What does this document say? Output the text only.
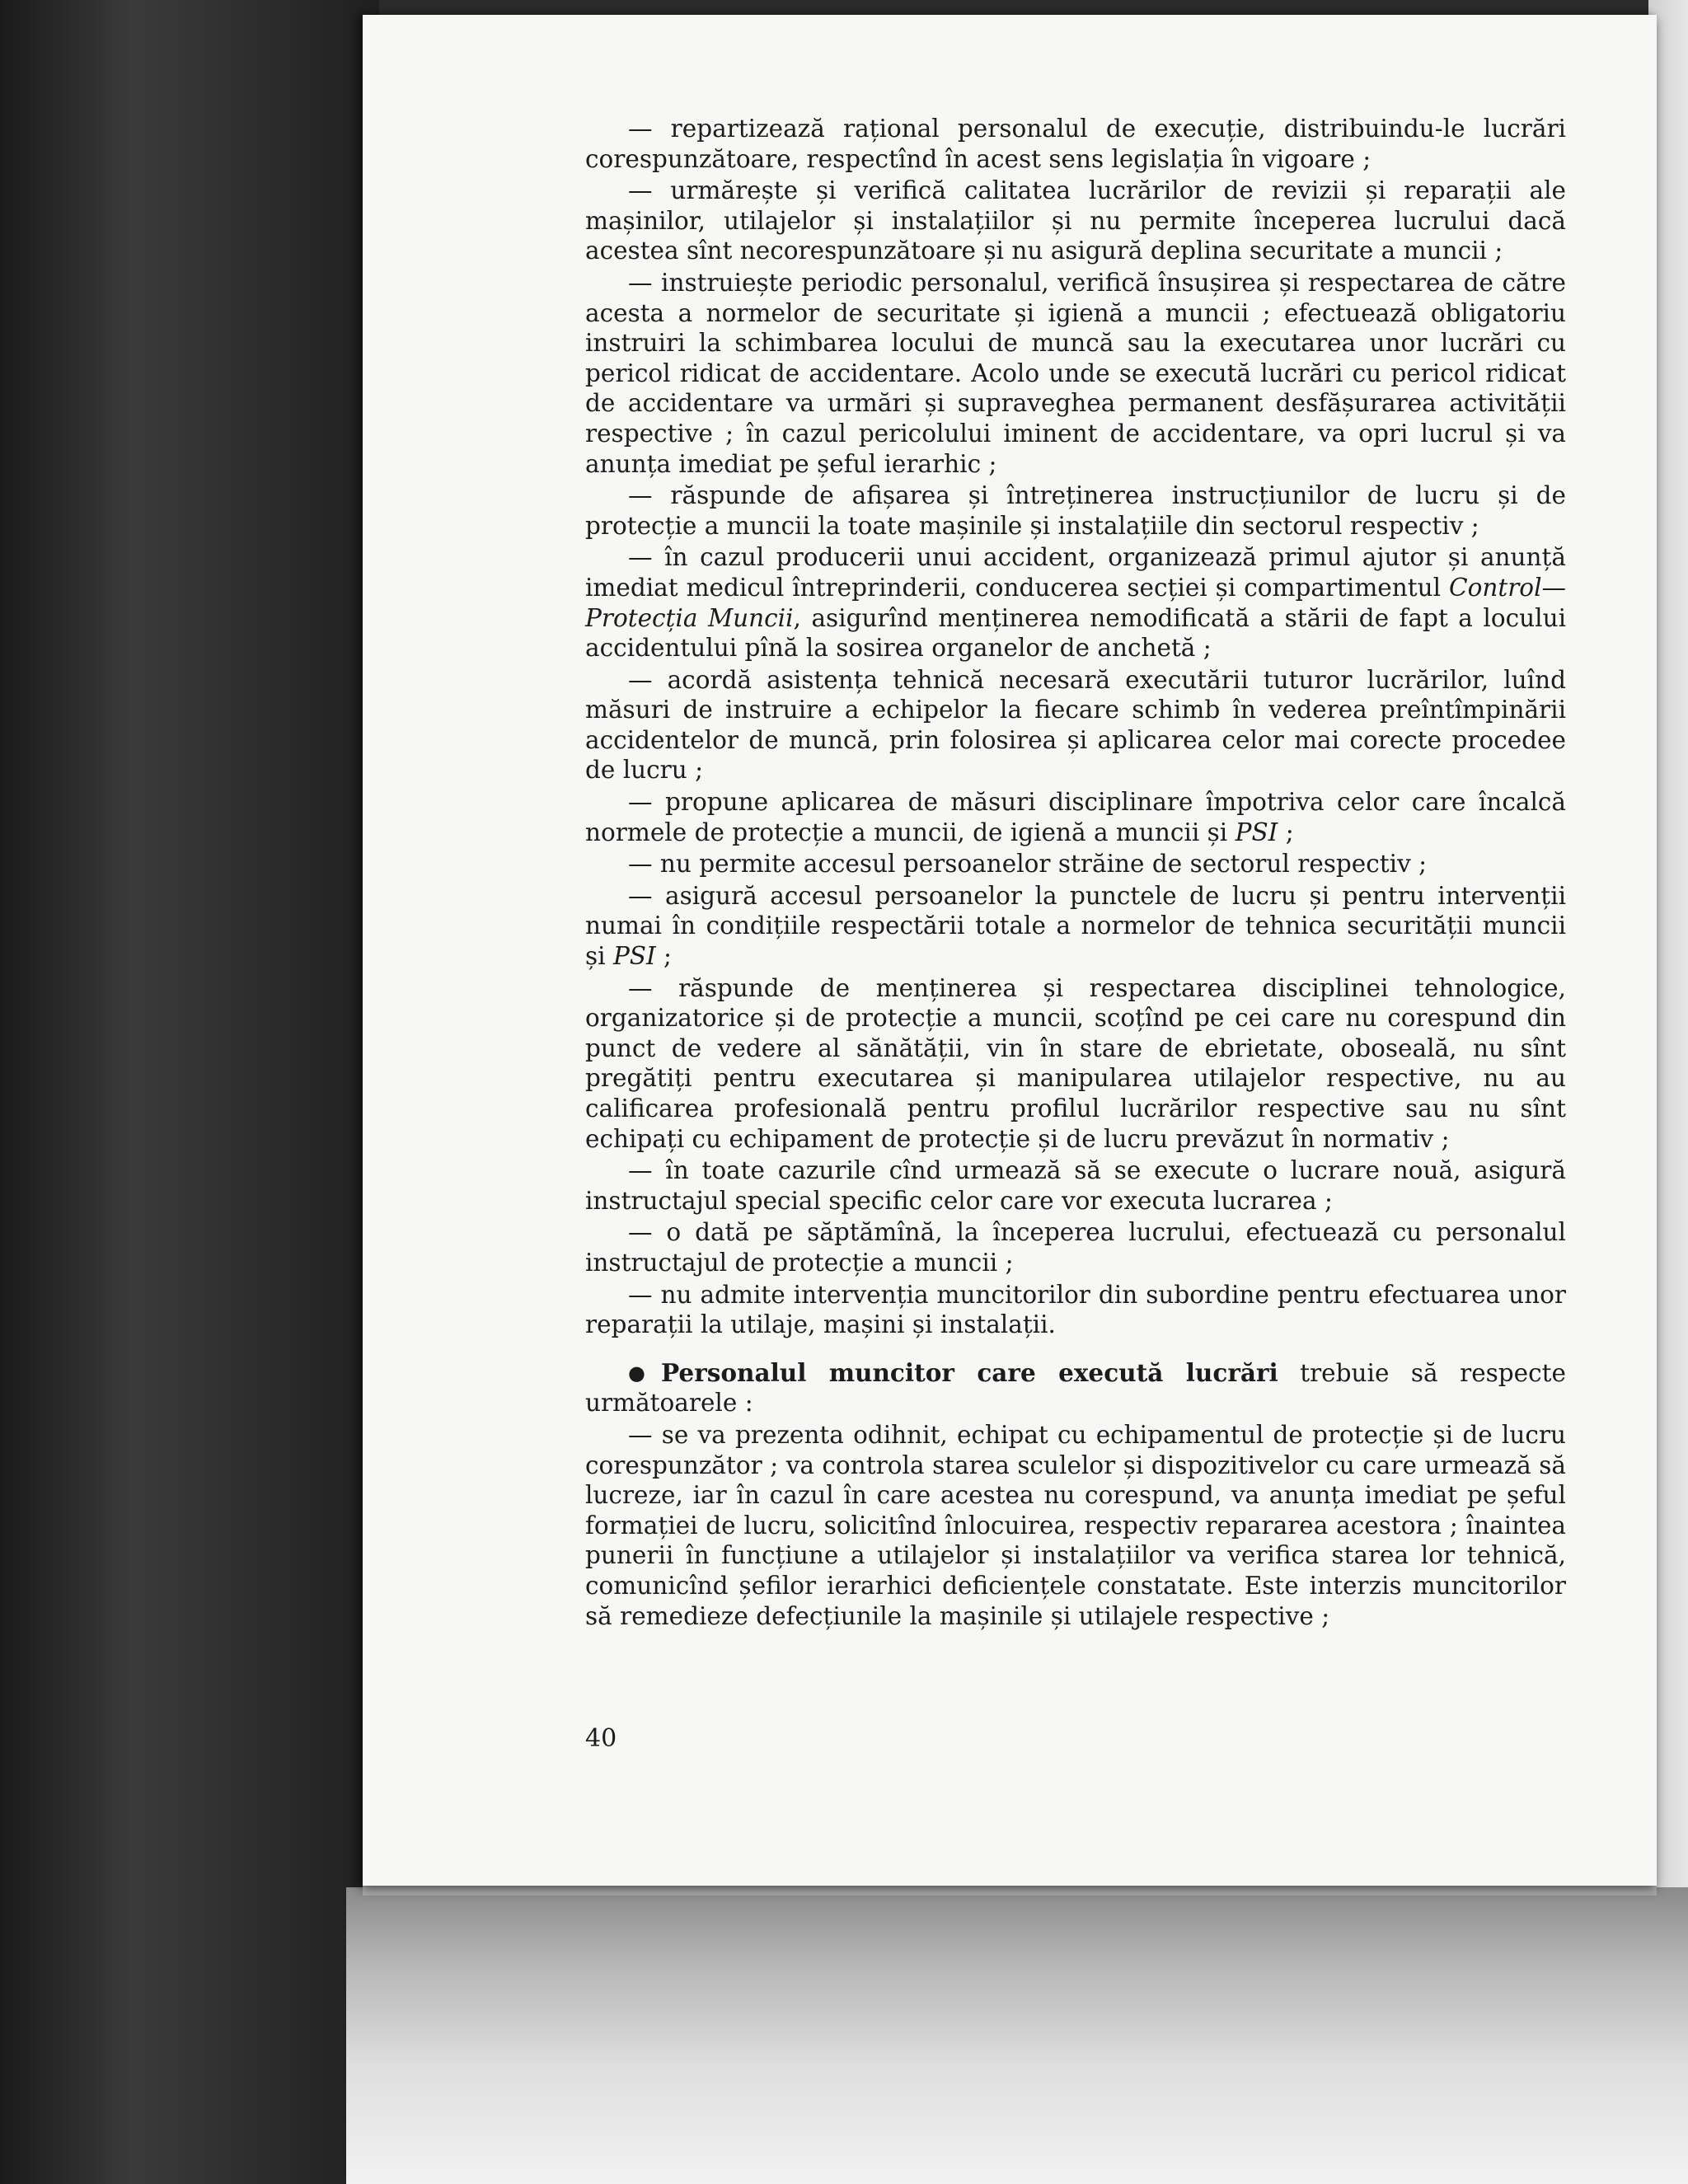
— repartizează rațional personalul de execuție, distribuindu-le lucrări corespunzătoare, respectînd în acest sens legislația în vigoare ;

— urmărește și verifică calitatea lucrărilor de revizii și reparații ale mașinilor, utilajelor și instalațiilor și nu permite începerea lucrului dacă acestea sînt necorespunzătoare și nu asigură deplina securitate a muncii ;

— instruiește periodic personalul, verifică însușirea și respectarea de către acesta a normelor de securitate și igienă a muncii ; efectuează obligatoriu instruiri la schimbarea locului de muncă sau la executarea unor lucrări cu pericol ridicat de accidentare. Acolo unde se execută lucrări cu pericol ridicat de accidentare va urmări și supraveghea permanent desfășurarea activității respective ; în cazul pericolului iminent de accidentare, va opri lucrul și va anunța imediat pe șeful ierarhic ;

— răspunde de afișarea și întreținerea instrucțiunilor de lucru și de protecție a muncii la toate mașinile și instalațiile din sectorul respectiv ;

— în cazul producerii unui accident, organizează primul ajutor și anunță imediat medicul întreprinderii, conducerea secției și compartimentul Control—Protecția Muncii, asigurînd menținerea nemodificată a stării de fapt a locului accidentului pînă la sosirea organelor de anchetă ;

— acordă asistența tehnică necesară executării tuturor lucrărilor, luînd măsuri de instruire a echipelor la fiecare schimb în vederea preîntîmpinării accidentelor de muncă, prin folosirea și aplicarea celor mai corecte procedee de lucru ;

— propune aplicarea de măsuri disciplinare împotriva celor care încalcă normele de protecție a muncii, de igienă a muncii și PSI ;

— nu permite accesul persoanelor străine de sectorul respectiv ;

— asigură accesul persoanelor la punctele de lucru și pentru intervenții numai în condițiile respectării totale a normelor de tehnica securității muncii și PSI ;

— răspunde de menținerea și respectarea disciplinei tehnologice, organizatorice și de protecție a muncii, scoțînd pe cei care nu corespund din punct de vedere al sănătății, vin în stare de ebrietate, oboseală, nu sînt pregătiți pentru executarea și manipularea utilajelor respective, nu au calificarea profesională pentru profilul lucrărilor respective sau nu sînt echipați cu echipament de protecție și de lucru prevăzut în normativ ;

— în toate cazurile cînd urmează să se execute o lucrare nouă, asigură instructajul special specific celor care vor executa lucrarea ;

— o dată pe săptămînă, la începerea lucrului, efectuează cu personalul instructajul de protecție a muncii ;

— nu admite intervenția muncitorilor din subordine pentru efectuarea unor reparații la utilaje, mașini și instalații.

●Personalul muncitor care execută lucrări trebuie să respecte următoarele :

— se va prezenta odihnit, echipat cu echipamentul de protecție și de lucru corespunzător ; va controla starea sculelor și dispozitivelor cu care urmează să lucreze, iar în cazul în care acestea nu corespund, va anunța imediat pe șeful formației de lucru, solicitînd înlocuirea, respectiv repararea acestora ; înaintea punerii în funcțiune a utilajelor și instalațiilor va verifica starea lor tehnică, comunicînd șefilor ierarhici deficiențele constatate. Este interzis muncitorilor să remedieze defecțiunile la mașinile și utilajele respective ;

40
